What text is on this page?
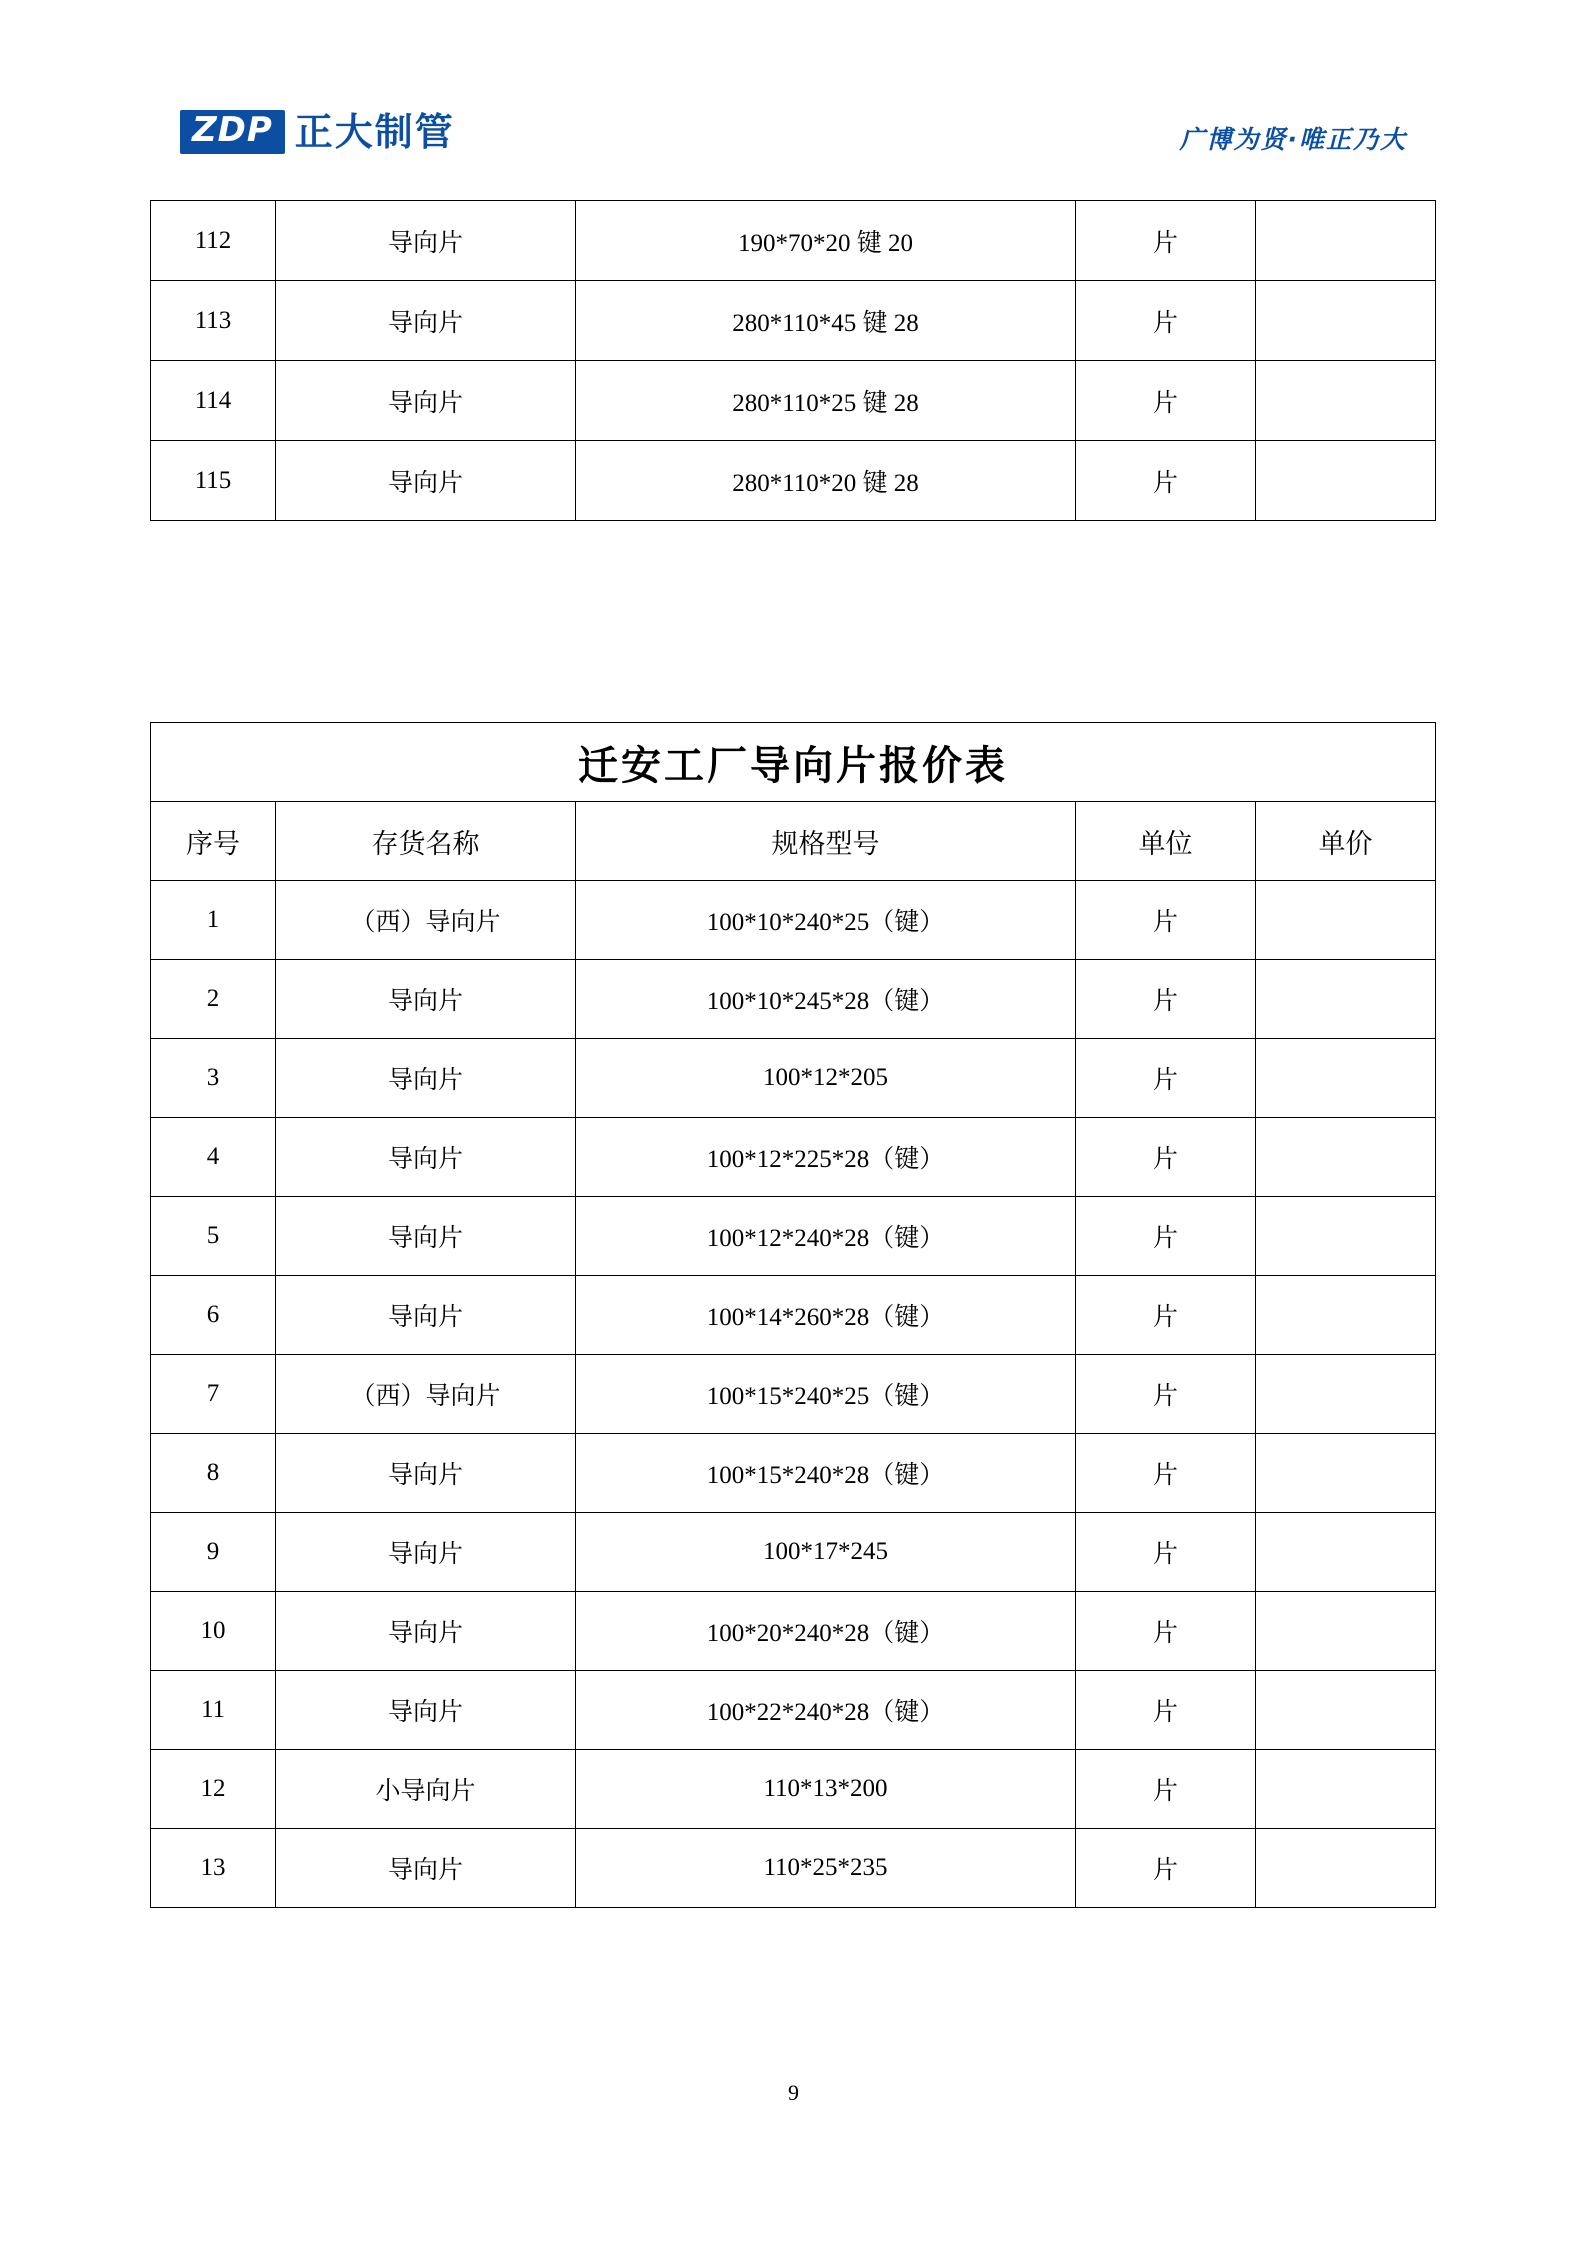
ZDP 正大制管	广博为贤·唯正乃大
112	导向片	190*70*20 键 20	片	
113	导向片	280*110*45 键 28	片	
114	导向片	280*110*25 键 28	片	
115	导向片	280*110*20 键 28	片	
迁安工厂导向片报价表				
序号	存货名称	规格型号	单位	单价
1	（西）导向片	100*10*240*25（键）	片	
2	导向片	100*10*245*28（键）	片	
3	导向片	100*12*205	片	
4	导向片	100*12*225*28（键）	片	
5	导向片	100*12*240*28（键）	片	
6	导向片	100*14*260*28（键）	片	
7	（西）导向片	100*15*240*25（键）	片	
8	导向片	100*15*240*28（键）	片	
9	导向片	100*17*245	片	
10	导向片	100*20*240*28（键）	片	
11	导向片	100*22*240*28（键）	片	
12	小导向片	110*13*200	片	
13	导向片	110*25*235	片	
9
